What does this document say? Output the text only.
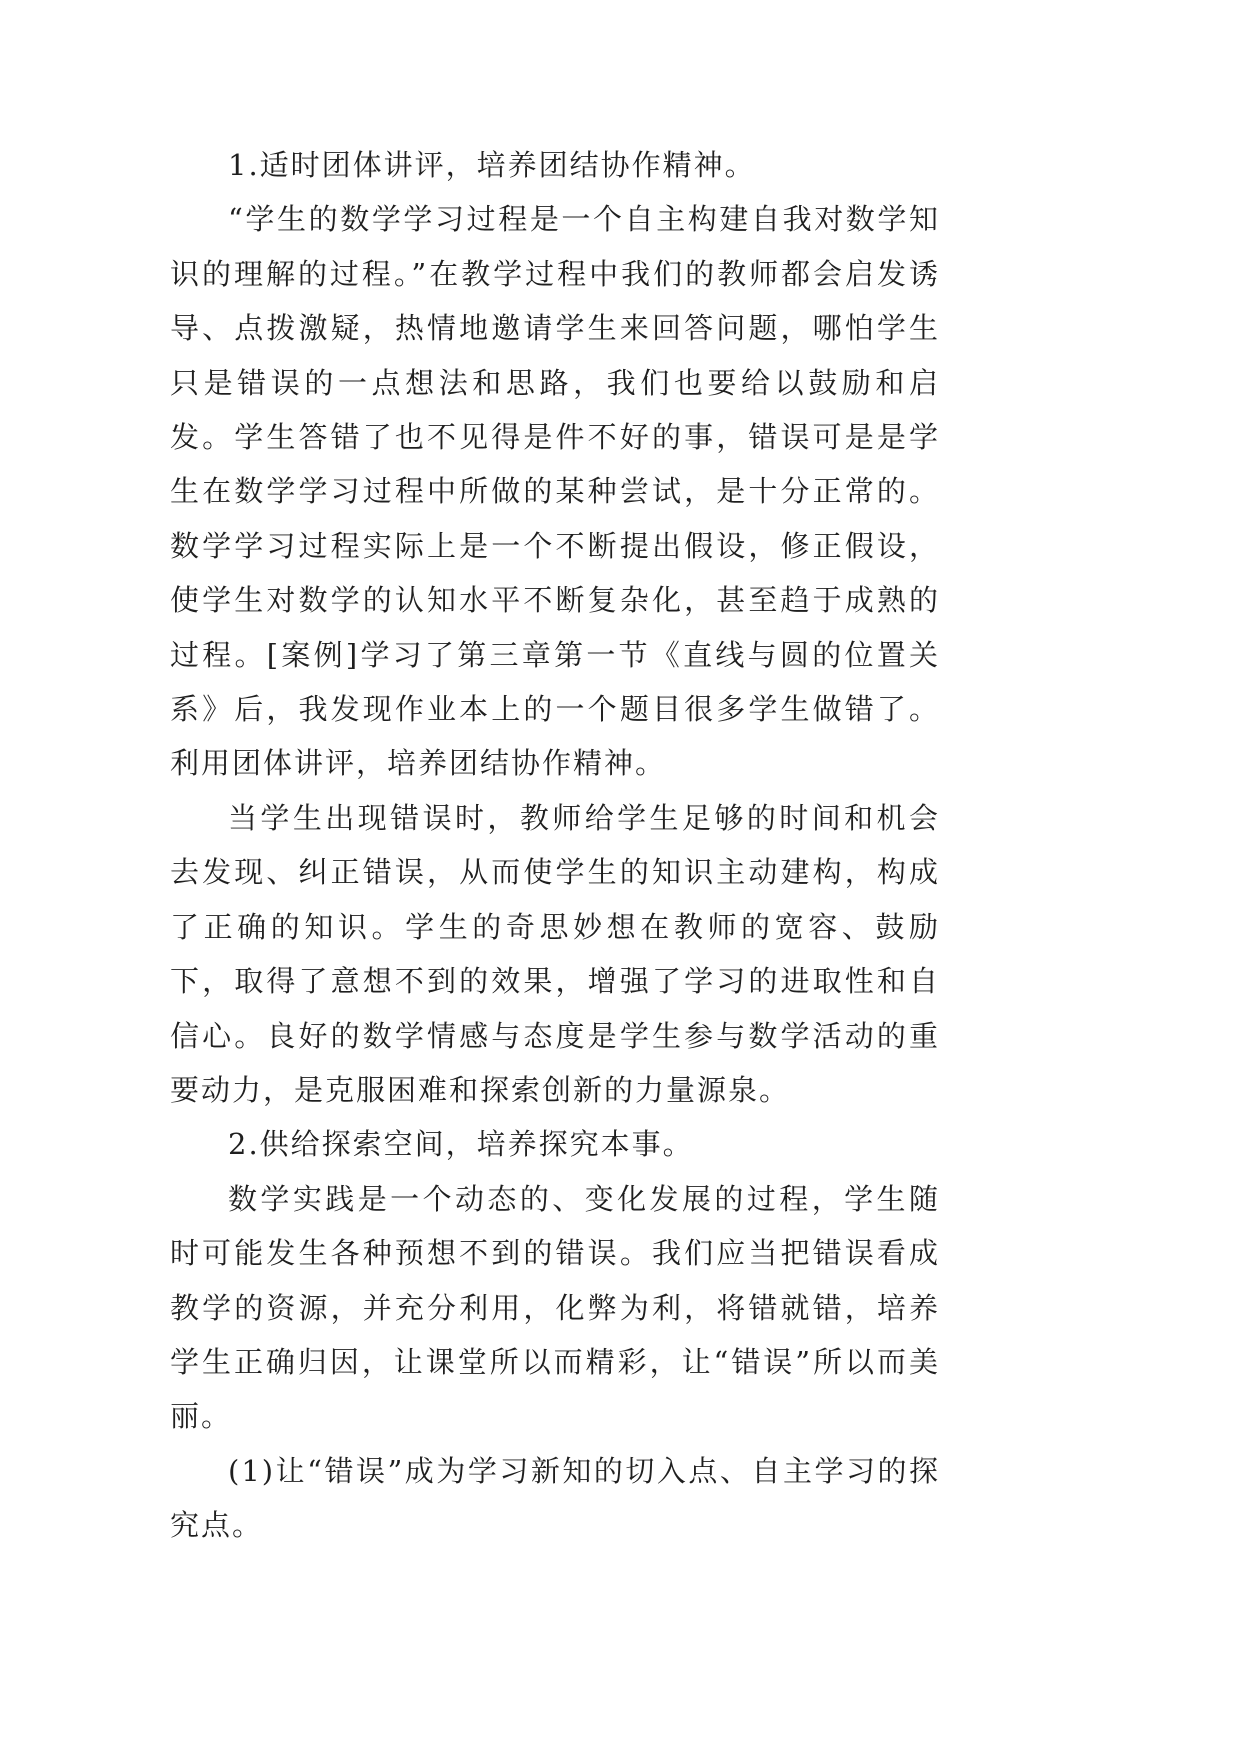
1.适时团体讲评，培养团结协作精神。

“学生的数学学习过程是一个自主构建自我对数学知识的理解的过程。”在教学过程中我们的教师都会启发诱导、点拨激疑，热情地邀请学生来回答问题，哪怕学生只是错误的一点想法和思路，我们也要给以鼓励和启发。学生答错了也不见得是件不好的事，错误可是是学生在数学学习过程中所做的某种尝试，是十分正常的。数学学习过程实际上是一个不断提出假设，修正假设，使学生对数学的认知水平不断复杂化，甚至趋于成熟的过程。[案例]学习了第三章第一节《直线与圆的位置关系》后，我发现作业本上的一个题目很多学生做错了。利用团体讲评，培养团结协作精神。

当学生出现错误时，教师给学生足够的时间和机会去发现、纠正错误，从而使学生的知识主动建构，构成了正确的知识。学生的奇思妙想在教师的宽容、鼓励下，取得了意想不到的效果，增强了学习的进取性和自信心。良好的数学情感与态度是学生参与数学活动的重要动力，是克服困难和探索创新的力量源泉。

2.供给探索空间，培养探究本事。

数学实践是一个动态的、变化发展的过程，学生随时可能发生各种预想不到的错误。我们应当把错误看成教学的资源，并充分利用，化弊为利，将错就错，培养学生正确归因，让课堂所以而精彩，让“错误”所以而美丽。

(1)让“错误”成为学习新知的切入点、自主学习的探究点。
